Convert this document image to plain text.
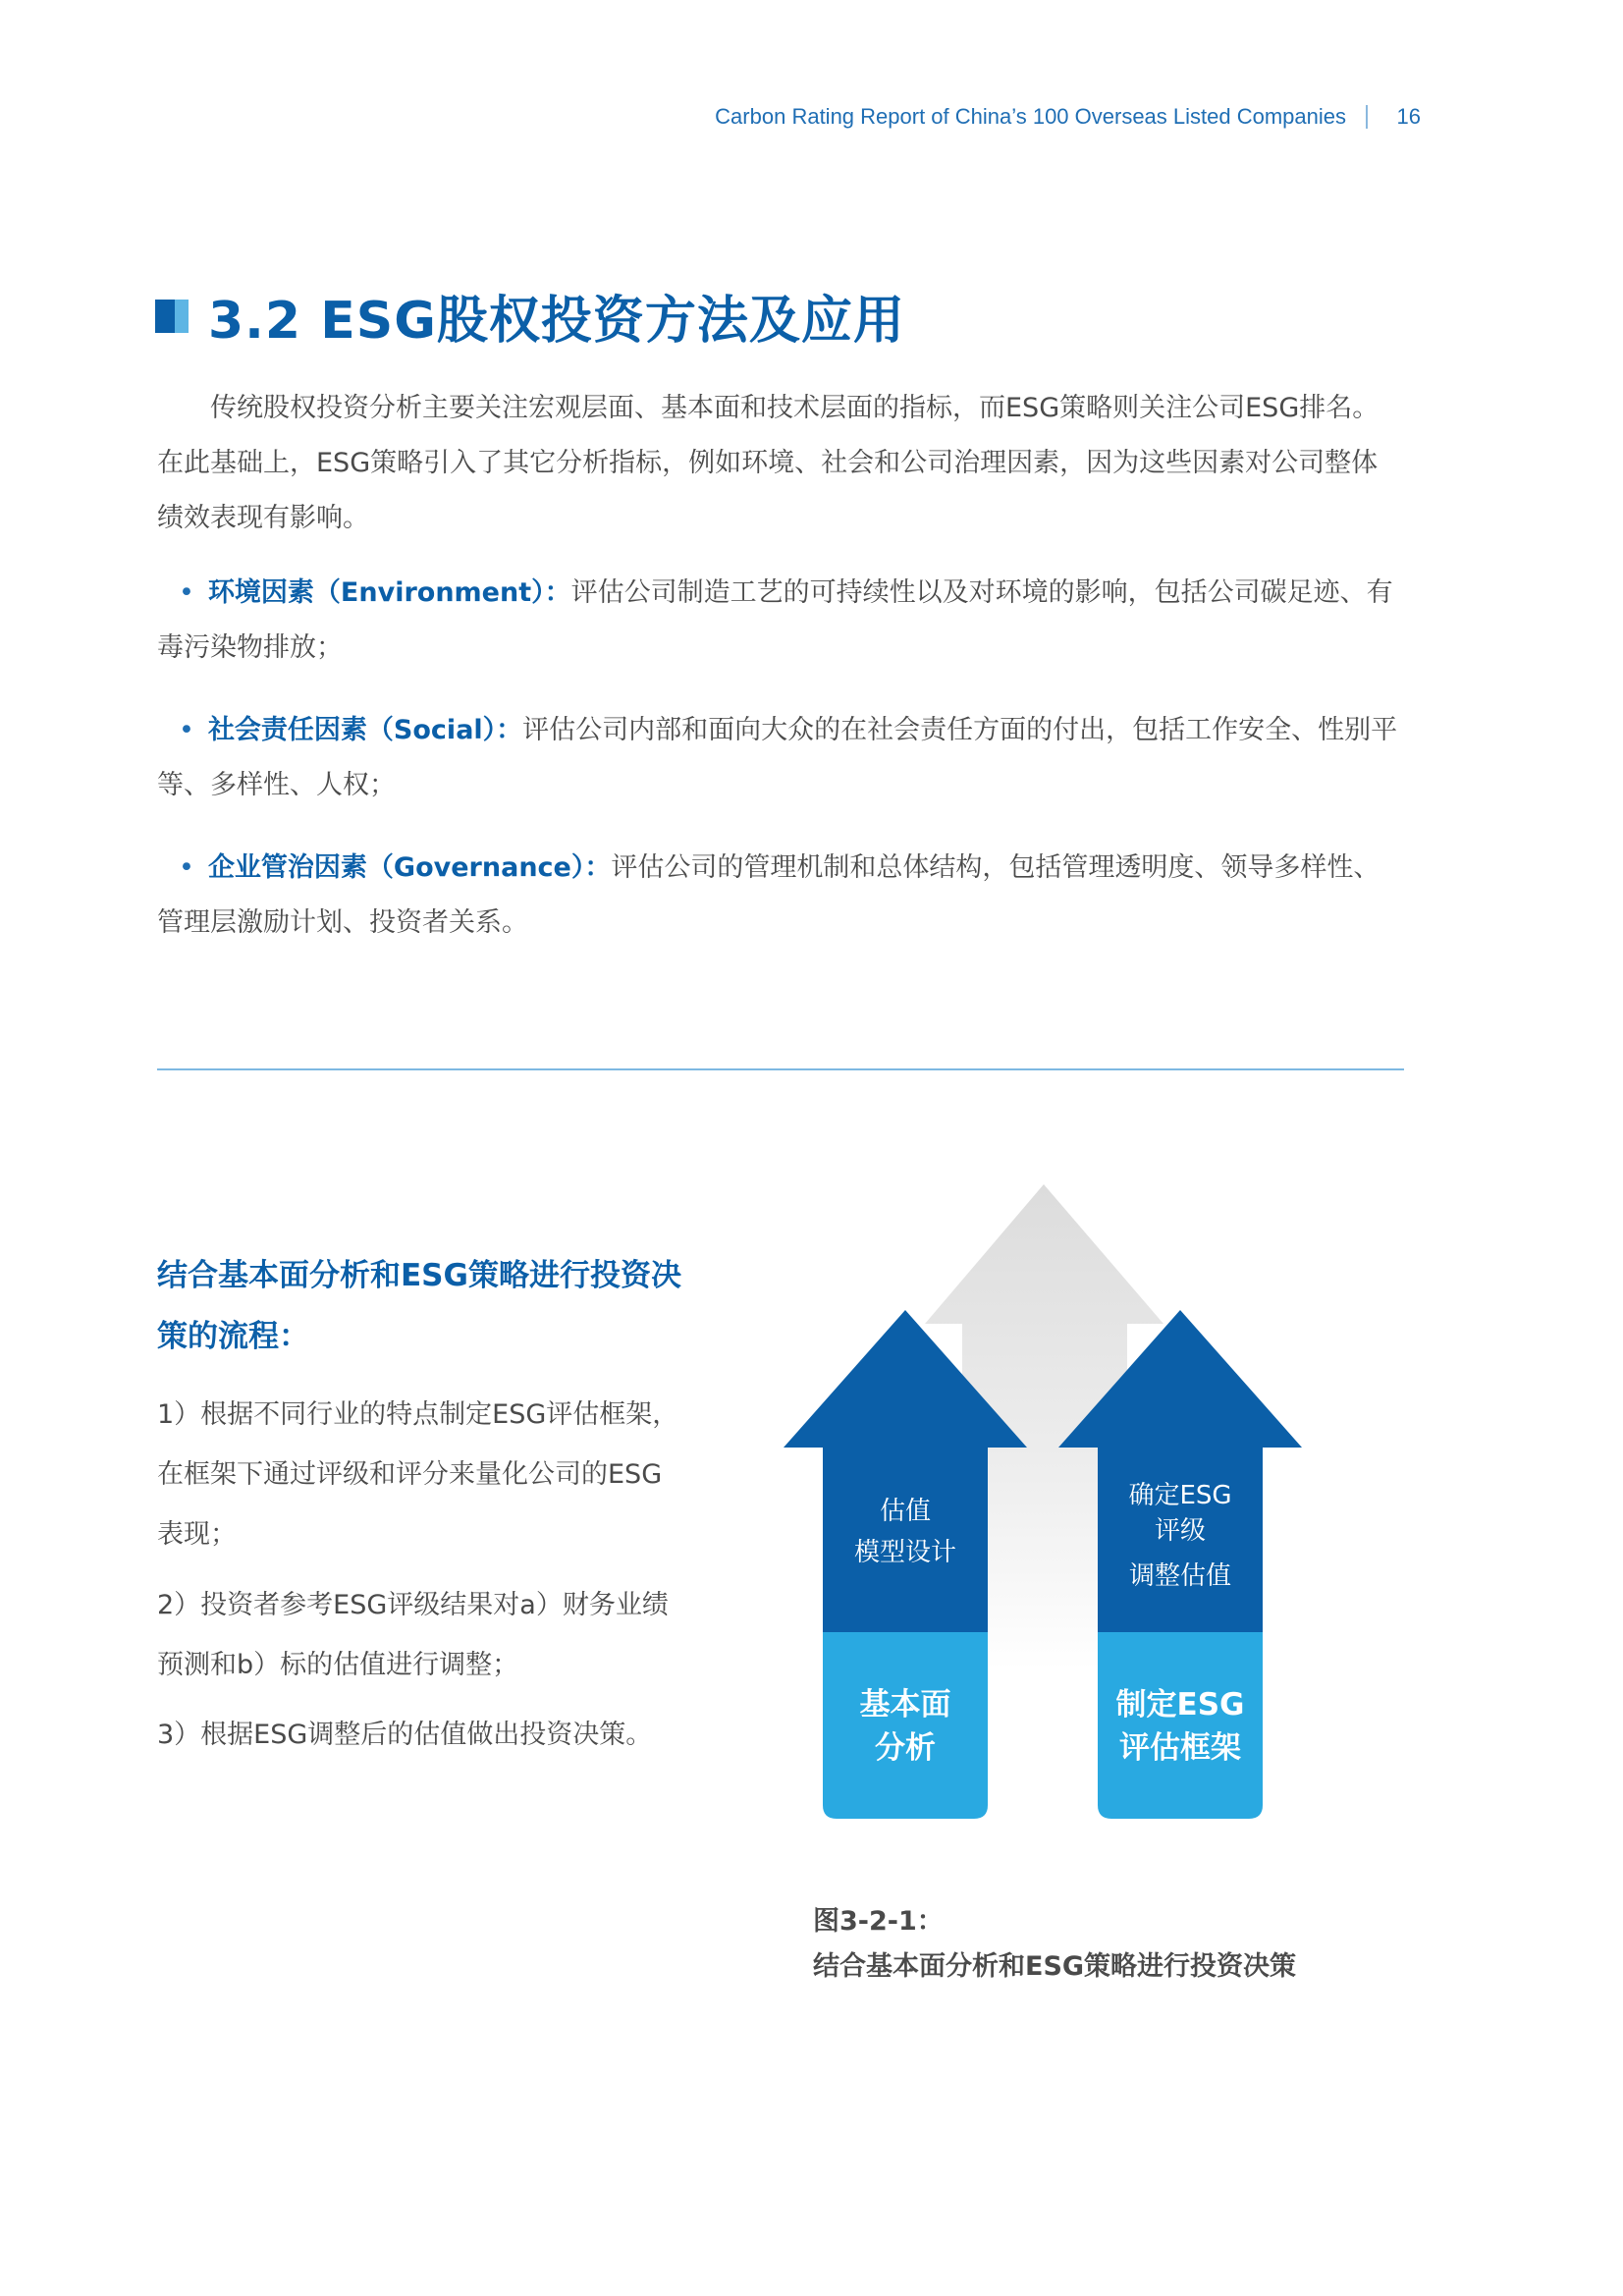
Carbon Rating Report of China’s 100 Overseas Listed Companies 16
3.2 ESG股权投资方法及应用
传统股权投资分析主要关注宏观层面、基本面和技术层面的指标，而ESG策略则关注公司ESG排名。在此基础上，ESG策略引入了其它分析指标，例如环境、社会和公司治理因素，因为这些因素对公司整体绩效表现有影响。
• 环境因素（Environment）：评估公司制造工艺的可持续性以及对环境的影响，包括公司碳足迹、有毒污染物排放；
• 社会责任因素（Social）：评估公司内部和面向大众的在社会责任方面的付出，包括工作安全、性别平等、多样性、人权；
• 企业管治因素（Governance）：评估公司的管理机制和总体结构，包括管理透明度、领导多样性、管理层激励计划、投资者关系。
结合基本面分析和ESG策略进行投资决策的流程：
1）根据不同行业的特点制定ESG评估框架，在框架下通过评级和评分来量化公司的ESG表现；
2）投资者参考ESG评级结果对a）财务业绩预测和b）标的估值进行调整；
3）根据ESG调整后的估值做出投资决策。
估值
模型设计
基本面
分析
确定ESG
评级
调整估值
制定ESG
评估框架
图3-2-1：
结合基本面分析和ESG策略进行投资决策
